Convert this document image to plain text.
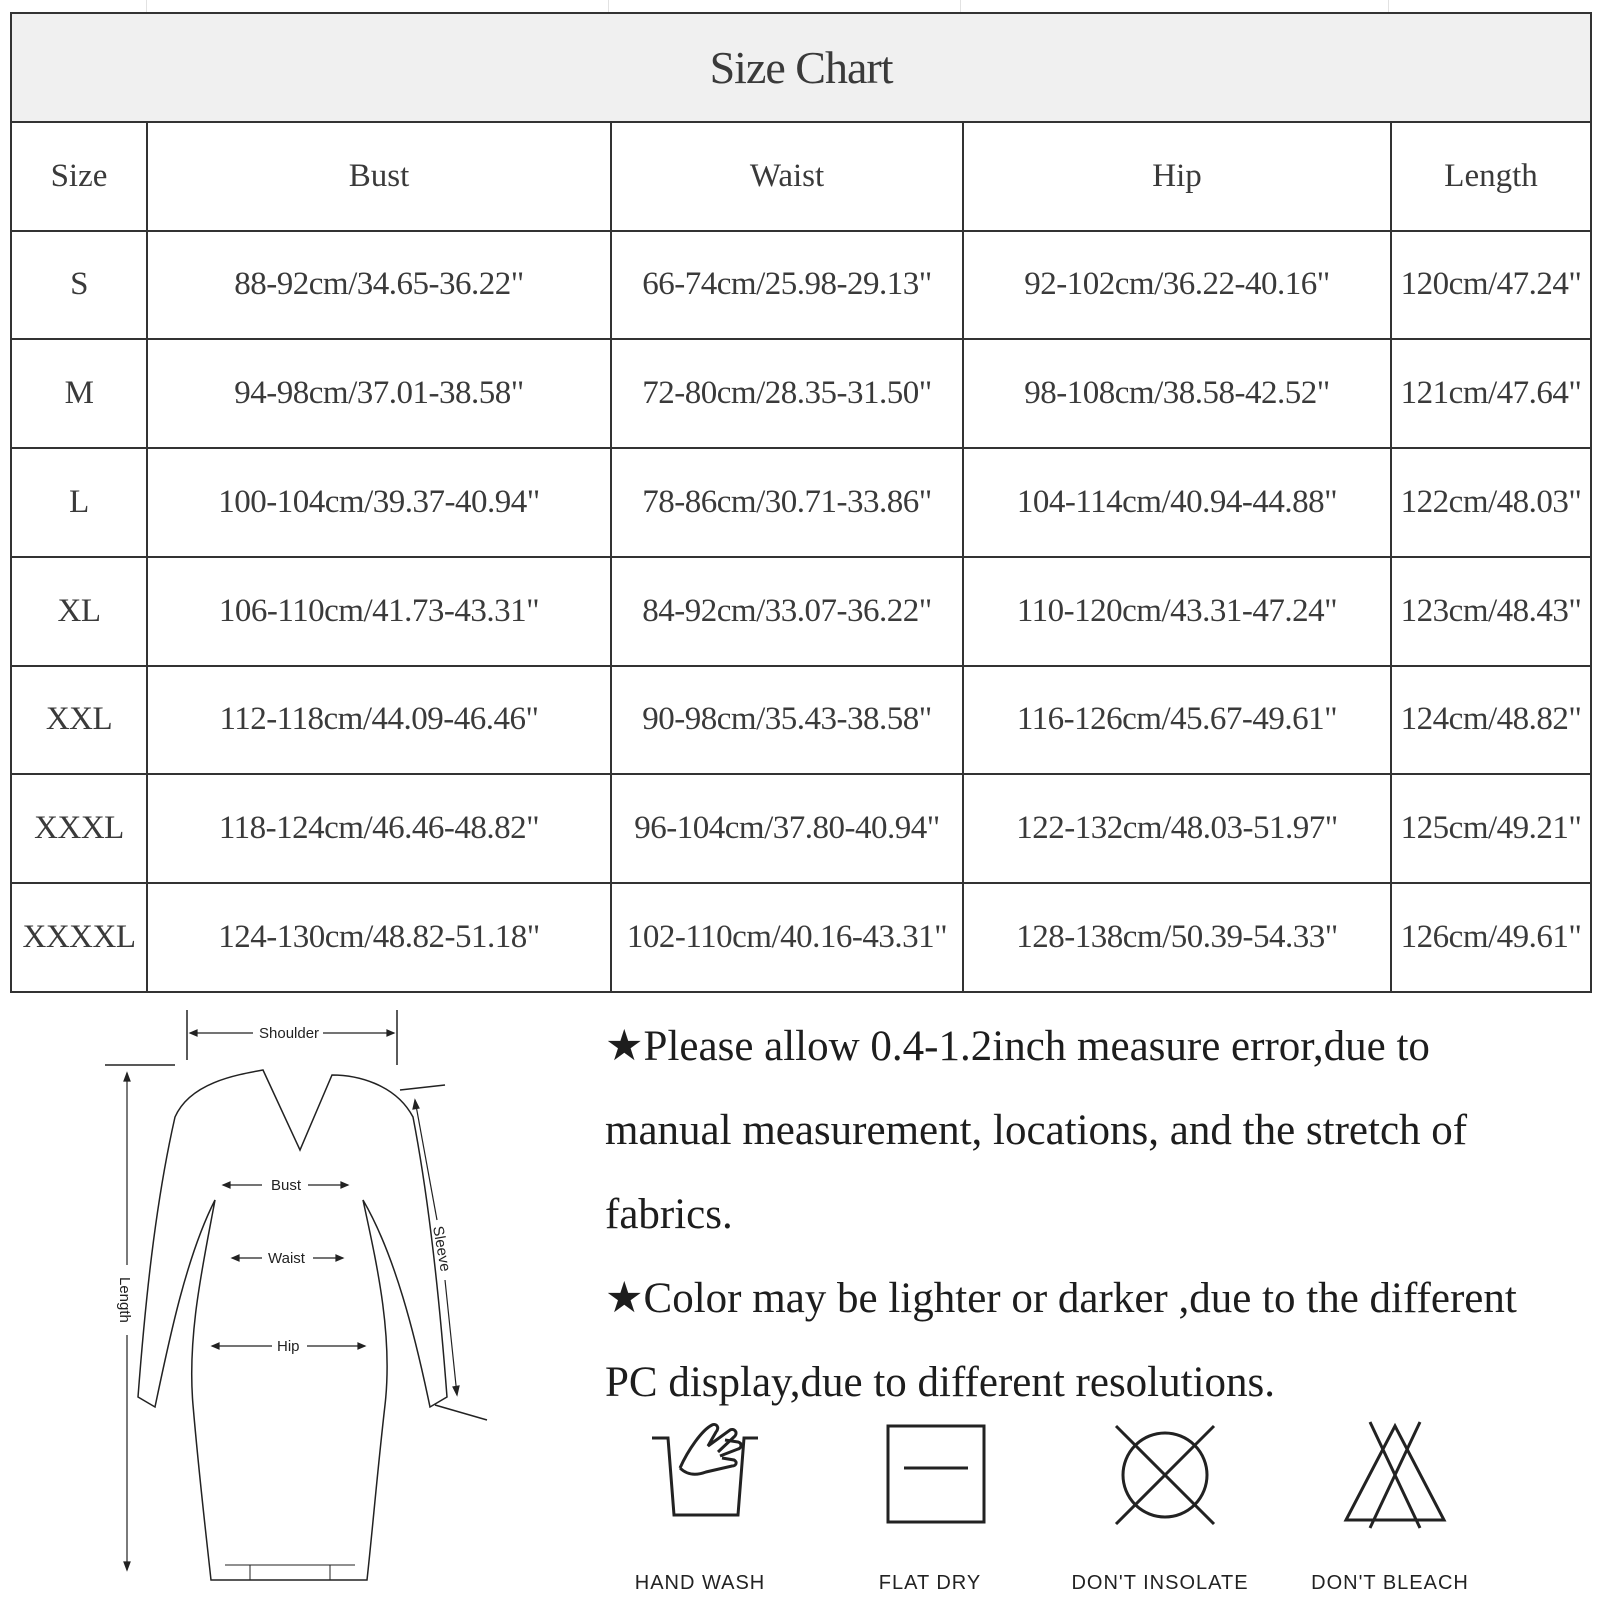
Size Chart				
Size	Bust	Waist	Hip	Length
S	88-92cm/34.65-36.22"	66-74cm/25.98-29.13"	92-102cm/36.22-40.16"	120cm/47.24"
M	94-98cm/37.01-38.58"	72-80cm/28.35-31.50"	98-108cm/38.58-42.52"	121cm/47.64"
L	100-104cm/39.37-40.94"	78-86cm/30.71-33.86"	104-114cm/40.94-44.88"	122cm/48.03"
XL	106-110cm/41.73-43.31"	84-92cm/33.07-36.22"	110-120cm/43.31-47.24"	123cm/48.43"
XXL	112-118cm/44.09-46.46"	90-98cm/35.43-38.58"	116-126cm/45.67-49.61"	124cm/48.82"
XXXL	118-124cm/46.46-48.82"	96-104cm/37.80-40.94"	122-132cm/48.03-51.97"	125cm/49.21"
XXXXL	124-130cm/48.82-51.18"	102-110cm/40.16-43.31"	128-138cm/50.39-54.33"	126cm/49.61"
Shoulder
Bust
Waist
Hip
Length
Sleeve

★Please allow 0.4-1.2inch measure error,due to manual measurement, locations, and the stretch of fabrics.

★Color may be lighter or darker ,due to the different PC display,due to different resolutions.

HAND WASH	FLAT DRY	DON'T INSOLATE	DON'T BLEACH
